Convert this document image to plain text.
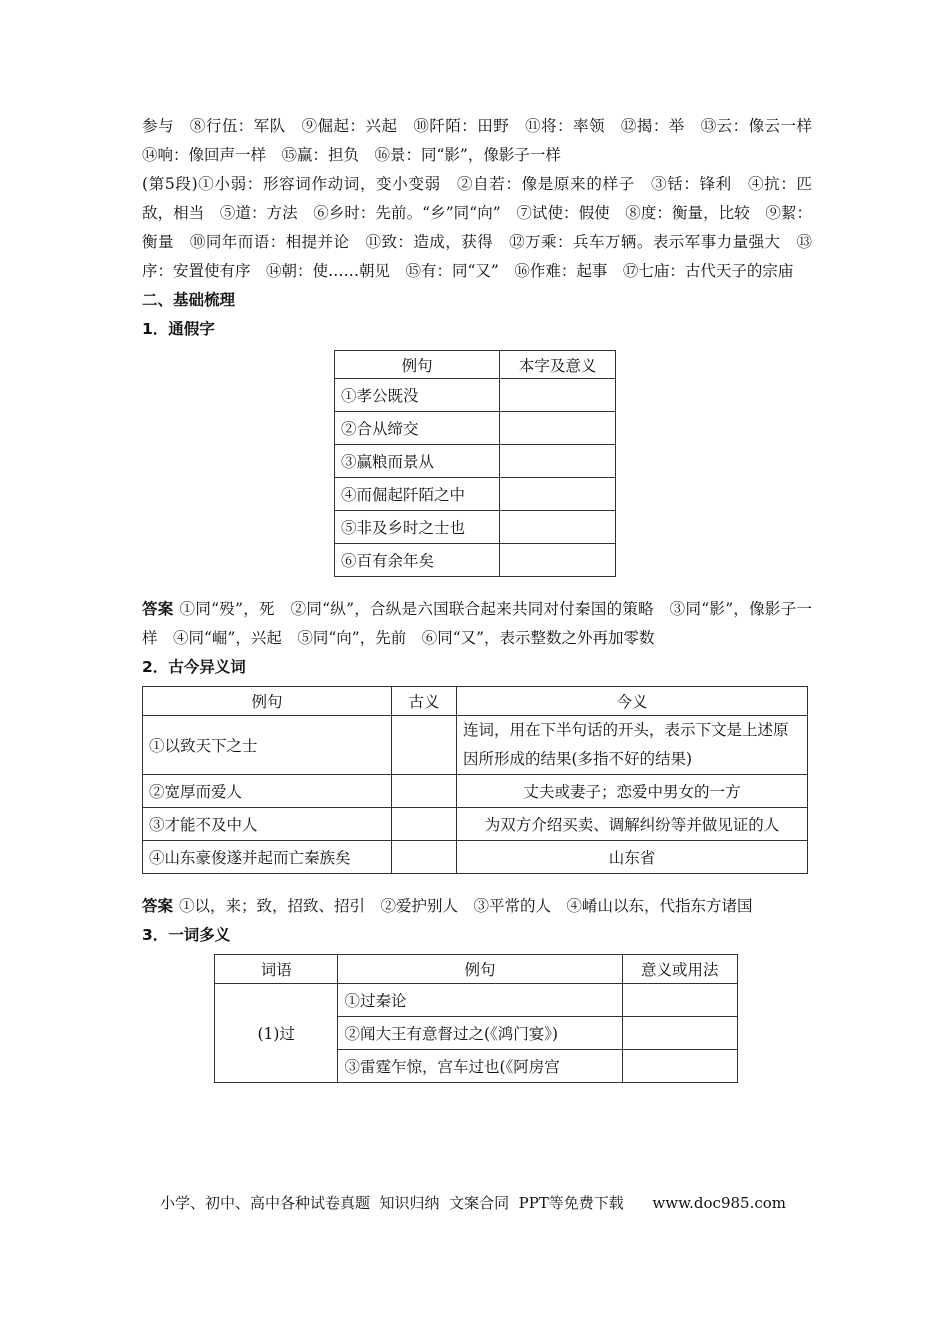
参与　⑧行伍：军队　⑨倔起：兴起　⑩阡陌：田野　⑪将：率领　⑫揭：举　⑬云：像云一样　⑭响：像回声一样　⑮赢：担负　⑯景：同“影”，像影子一样

(第5段)①小弱：形容词作动词，变小变弱　②自若：像是原来的样子　③铦：锋利　④抗：匹敌，相当　⑤道：方法　⑥乡时：先前。“乡”同“向”　⑦试使：假使　⑧度：衡量，比较　⑨絜：衡量　⑩同年而语：相提并论　⑪致：造成，获得　⑫万乘：兵车万辆。表示军事力量强大　⑬序：安置使有序　⑭朝：使……朝见　⑮有：同“又”　⑯作难：起事　⑰七庙：古代天子的宗庙

二、基础梳理

1．通假字

例句	本字及意义
①孝公既没	
②合从缔交	
③赢粮而景从	
④而倔起阡陌之中	
⑤非及乡时之士也	
⑥百有余年矣	

答案 ①同“殁”，死　②同“纵”，合纵是六国联合起来共同对付秦国的策略　③同“影”，像影子一样　④同“崛”，兴起　⑤同“向”，先前　⑥同“又”，表示整数之外再加零数

2．古今异义词

例句	古义	今义
①以致天下之士		连词，用在下半句话的开头，表示下文是上述原因所形成的结果(多指不好的结果)
②宽厚而爱人		丈夫或妻子；恋爱中男女的一方
③才能不及中人		为双方介绍买卖、调解纠纷等并做见证的人
④山东豪俊遂并起而亡秦族矣		山东省

答案 ①以，来；致，招致、招引　②爱护别人　③平常的人　④崤山以东，代指东方诸国

3．一词多义

词语	例句	意义或用法
(1)过	①过秦论	
	②闻大王有意督过之(《鸿门宴》)	
	③雷霆乍惊，宫车过也(《阿房宫	
小学、初中、高中各种试卷真题  知识归纳  文案合同  PPT等免费下载      www.doc985.com
